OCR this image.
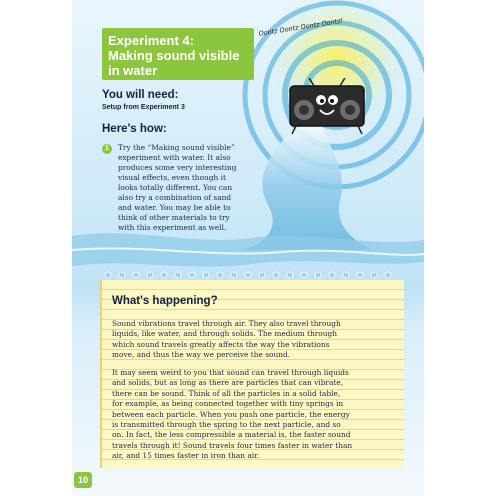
Oontz Oontz Oontz Oontz!
Experiment 4:
Making sound visible
in water
You will need:
Setup from Experiment 3
Here's how:
1	Try the “Making sound visible”
experiment with water. It also
produces some very interesting
visual effects, even though it
looks totally different. You can
also try a combination of sand
and water. You may be able to
think of other materials to try
with this experiment as well.
What's happening?
Sound vibrations travel through air. They also travel through
liquids, like water, and through solids. The medium through
which sound travels greatly affects the way the vibrations
move, and thus the way we perceive the sound.
It may seem weird to you that sound can travel through liquids
and solids, but as long as there are particles that can vibrate,
there can be sound. Think of all the particles in a solid table,
for example, as being connected together with tiny springs in
between each particle. When you push one particle, the energy
is transmitted through the spring to the next particle, and so
on. In fact, the less compressible a material is, the faster sound
travels through it! Sound travels four times faster in water than
air, and 15 times faster in iron than air.
10
